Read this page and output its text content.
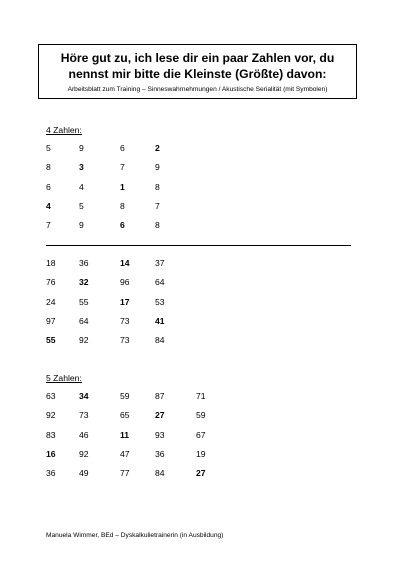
Höre gut zu, ich lese dir ein paar Zahlen vor, du nennst mir bitte die Kleinste (Größte) davon:
Arbeitsblatt zum Training – Sinneswahrnehmungen / Akustische Serialität (mit Symbolen)
4 Zahlen:
5	9	6	2
8	3	7	9
6	4	1	8
4	5	8	7
7	9	6	8
18	36	14	37
76	32	96	64
24	55	17	53
97	64	73	41
55	92	73	84
5 Zahlen:
63	34	59	87	71
92	73	65	27	59
83	46	11	93	67
16	92	47	36	19
36	49	77	84	27
Manuela Wimmer, BEd – Dyskalkulietrainerin (in Ausbildung)
